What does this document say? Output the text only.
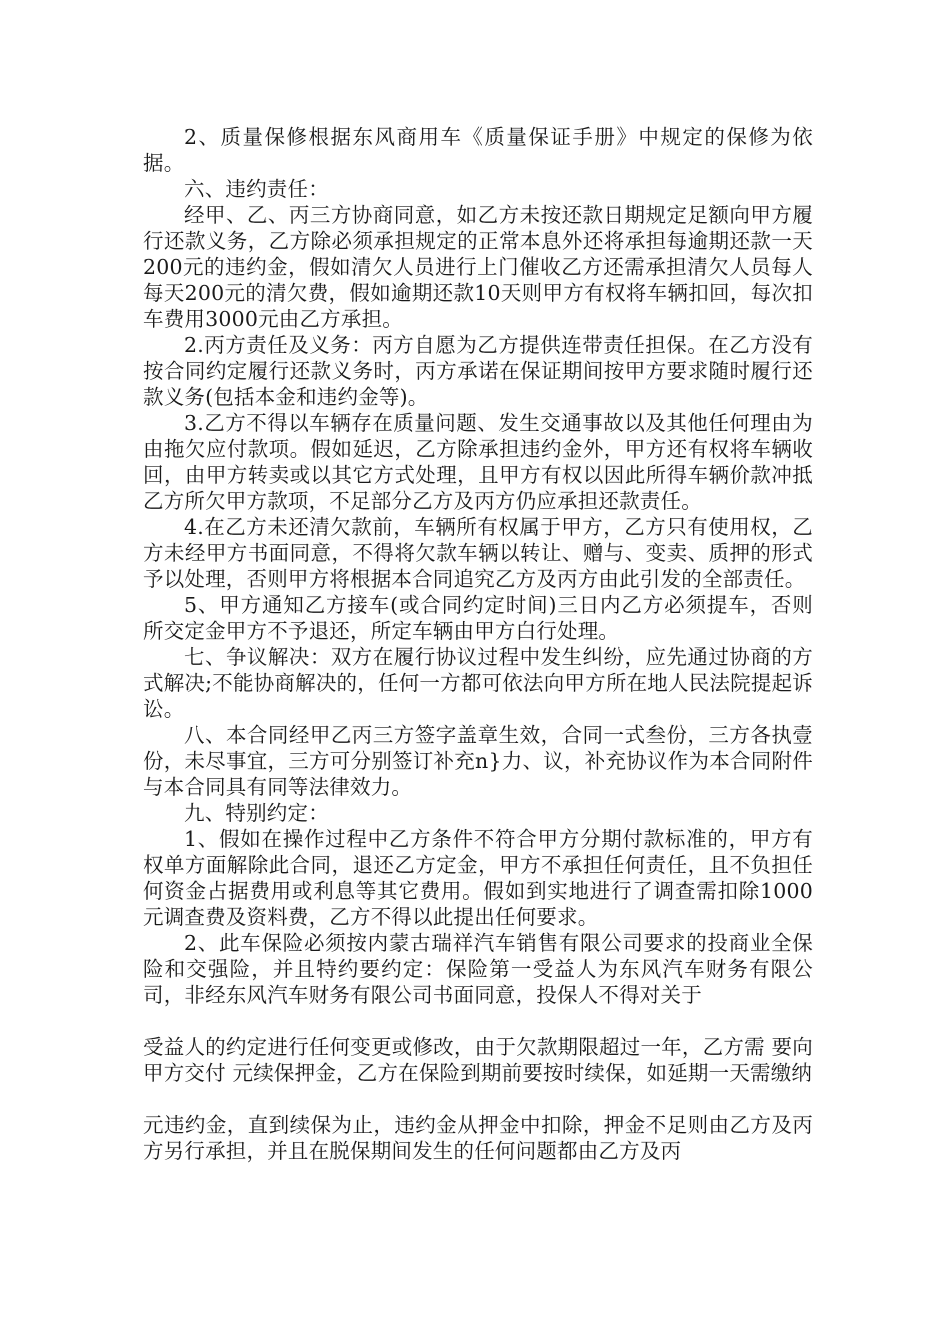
2、质量保修根据东风商用车《质量保证手册》中规定的保修为依据。

六、违约责任：

经甲、乙、丙三方协商同意，如乙方未按还款日期规定足额向甲方履行还款义务，乙方除必须承担规定的正常本息外还将承担每逾期还款一天200元的违约金，假如清欠人员进行上门催收乙方还需承担清欠人员每人每天200元的清欠费，假如逾期还款10天则甲方有权将车辆扣回，每次扣车费用3000元由乙方承担。

2.丙方责任及义务：丙方自愿为乙方提供连带责任担保。在乙方没有按合同约定履行还款义务时，丙方承诺在保证期间按甲方要求随时履行还款义务(包括本金和违约金等)。

3.乙方不得以车辆存在质量问题、发生交通事故以及其他任何理由为由拖欠应付款项。假如延迟，乙方除承担违约金外，甲方还有权将车辆收回，由甲方转卖或以其它方式处理，且甲方有权以因此所得车辆价款冲抵乙方所欠甲方款项，不足部分乙方及丙方仍应承担还款责任。

4.在乙方未还清欠款前，车辆所有权属于甲方，乙方只有使用权，乙方未经甲方书面同意，不得将欠款车辆以转让、赠与、变卖、质押的形式予以处理，否则甲方将根据本合同追究乙方及丙方由此引发的全部责任。

5、甲方通知乙方接车(或合同约定时间)三日内乙方必须提车，否则所交定金甲方不予退还，所定车辆由甲方白行处理。

七、争议解决：双方在履行协议过程中发生纠纷，应先通过协商的方式解决;不能协商解决的，任何一方都可依法向甲方所在地人民法院提起诉讼。

八、本合同经甲乙丙三方签字盖章生效，合同一式叁份，三方各执壹份，未尽事宜，三方可分别签订补充n}力、议，补充协议作为本合同附件与本合同具有同等法律效力。

九、特别约定：

1、假如在操作过程中乙方条件不符合甲方分期付款标准的，甲方有权单方面解除此合同，退还乙方定金，甲方不承担任何责任，且不负担任何资金占据费用或利息等其它费用。假如到实地进行了调查需扣除1000元调查费及资料费，乙方不得以此提出任何要求。

2、此车保险必须按内蒙古瑞祥汽车销售有限公司要求的投商业全保险和交强险，并且特约要约定：保险第一受益人为东风汽车财务有限公司，非经东风汽车财务有限公司书面同意，投保人不得对关于

受益人的约定进行任何变更或修改，由于欠款期限超过一年，乙方需 要向甲方交付 元续保押金，乙方在保险到期前要按时续保，如延期一天需缴纳

元违约金，直到续保为止，违约金从押金中扣除，押金不足则由乙方及丙方另行承担，并且在脱保期间发生的任何问题都由乙方及丙
